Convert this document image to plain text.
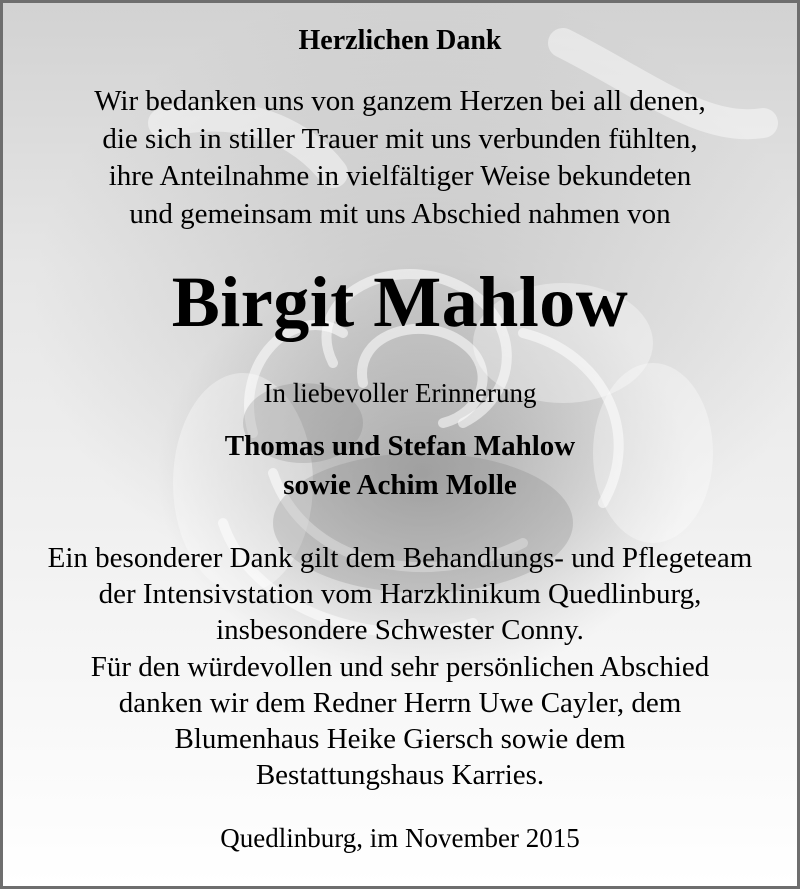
Herzlichen Dank
Wir bedanken uns von ganzem Herzen bei all denen,
die sich in stiller Trauer mit uns verbunden fühlten,
ihre Anteilnahme in vielfältiger Weise bekundeten
und gemeinsam mit uns Abschied nahmen von
Birgit Mahlow
In liebevoller Erinnerung
Thomas und Stefan Mahlow
sowie Achim Molle
Ein besonderer Dank gilt dem Behandlungs- und Pflegeteam
der Intensivstation vom Harzklinikum Quedlinburg,
insbesondere Schwester Conny.
Für den würdevollen und sehr persönlichen Abschied
danken wir dem Redner Herrn Uwe Cayler, dem
Blumenhaus Heike Giersch sowie dem
Bestattungshaus Karries.
Quedlinburg, im November 2015
